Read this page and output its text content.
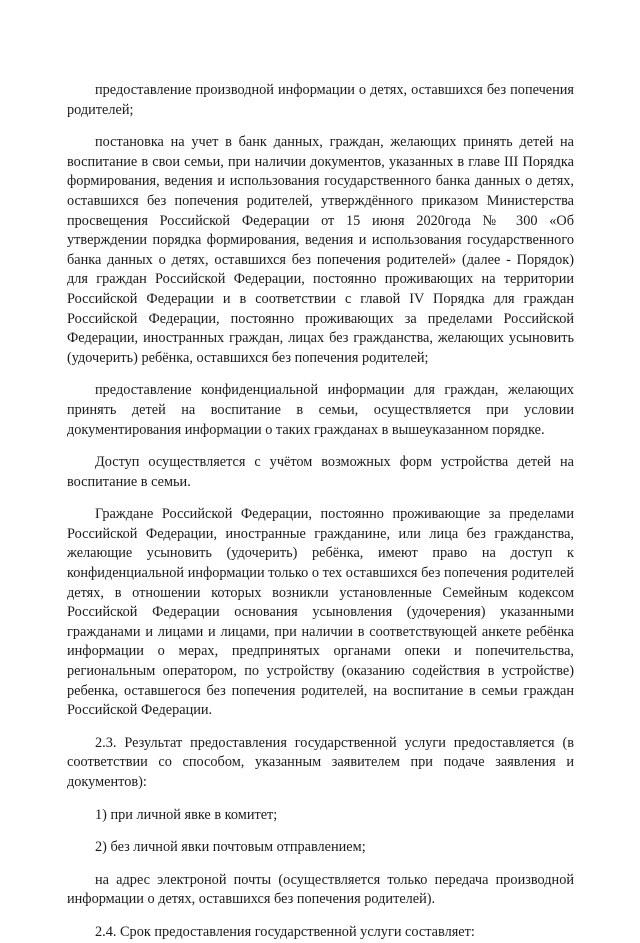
предоставление производной информации о детях, оставшихся без попечения родителей;

постановка на учет в банк данных, граждан, желающих принять детей на воспитание в свои семьи, при наличии документов, указанных в главе III Порядка формирования, ведения и использования государственного банка данных о детях, оставшихся без попечения родителей, утверждённого приказом Министерства просвещения Российской Федерации от 15 июня 2020года № 300 «Об утверждении порядка формирования, ведения и использования государственного банка данных о детях, оставшихся без попечения родителей» (далее - Порядок) для граждан Российской Федерации, постоянно проживающих на территории Российской Федерации и в соответствии с главой IV Порядка для граждан Российской Федерации, постоянно проживающих за пределами Российской Федерации, иностранных граждан, лицах без гражданства, желающих усыновить (удочерить) ребёнка, оставшихся без попечения родителей;

предоставление конфиденциальной информации для граждан, желающих принять детей на воспитание в семьи, осуществляется при условии документирования информации о таких гражданах в вышеуказанном порядке.

Доступ осуществляется с учётом возможных форм устройства детей на воспитание в семьи.

Граждане Российской Федерации, постоянно проживающие за пределами Российской Федерации, иностранные гражданине, или лица без гражданства, желающие усыновить (удочерить) ребёнка, имеют право на доступ к конфиденциальной информации только о тех оставшихся без попечения родителей детях, в отношении которых возникли установленные Семейным кодексом Российской Федерации основания усыновления (удочерения) указанными гражданами и лицами и лицами, при наличии в соответствующей анкете ребёнка информации о мерах, предпринятых органами опеки и попечительства, региональным оператором, по устройству (оказанию содействия в устройстве) ребенка, оставшегося без попечения родителей, на воспитание в семьи граждан Российской Федерации.

2.3. Результат предоставления государственной услуги предоставляется (в соответствии со способом, указанным заявителем при подаче заявления и документов):

1) при личной явке в комитет;

2) без личной явки почтовым отправлением;

на адрес электроной почты (осуществляется только передача производной информации о детях, оставшихся без попечения родителей).

2.4. Срок предоставления государственной услуги составляет:
